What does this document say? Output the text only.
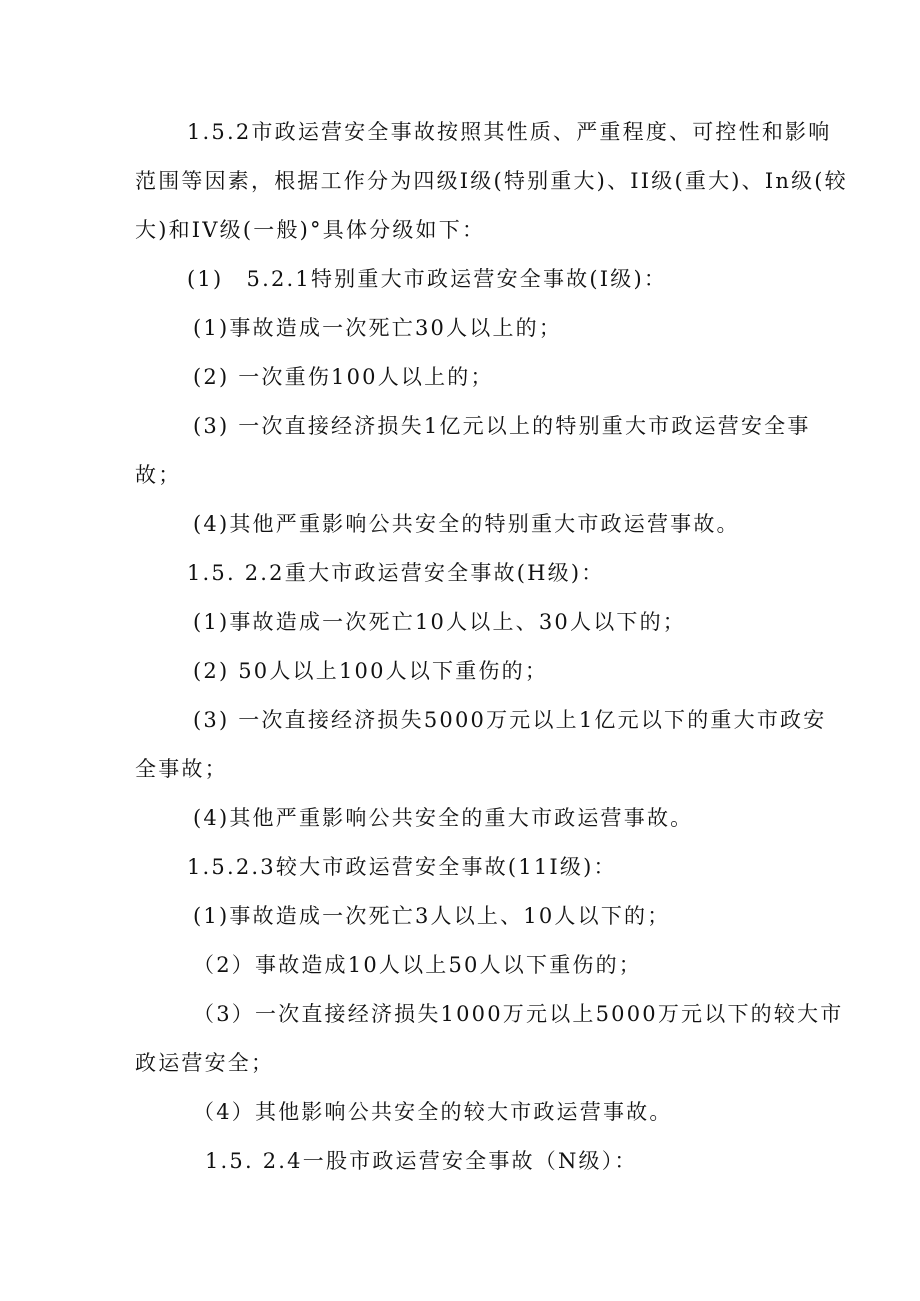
1.5.2市政运营安全事故按照其性质、严重程度、可控性和影响
范围等因素，根据工作分为四级I级(特别重大)、II级(重大)、In级(较
大)和IV级(一般)°具体分级如下：
(1)　5.2.1特别重大市政运营安全事故(I级)：
(1)事故造成一次死亡30人以上的；
(2) 一次重伤100人以上的；
(3) 一次直接经济损失1亿元以上的特别重大市政运营安全事
故；
(4)其他严重影响公共安全的特别重大市政运营事故。
1.5. 2.2重大市政运营安全事故(H级)：
(1)事故造成一次死亡10人以上、30人以下的；
(2) 50人以上100人以下重伤的；
(3) 一次直接经济损失5000万元以上1亿元以下的重大市政安
全事故；
(4)其他严重影响公共安全的重大市政运营事故。
1.5.2.3较大市政运营安全事故(11I级)：
(1)事故造成一次死亡3人以上、10人以下的；
（2）事故造成10人以上50人以下重伤的；
（3）一次直接经济损失1000万元以上5000万元以下的较大市
政运营安全；
（4）其他影响公共安全的较大市政运营事故。
1.5. 2.4一股市政运营安全事故（N级）：
